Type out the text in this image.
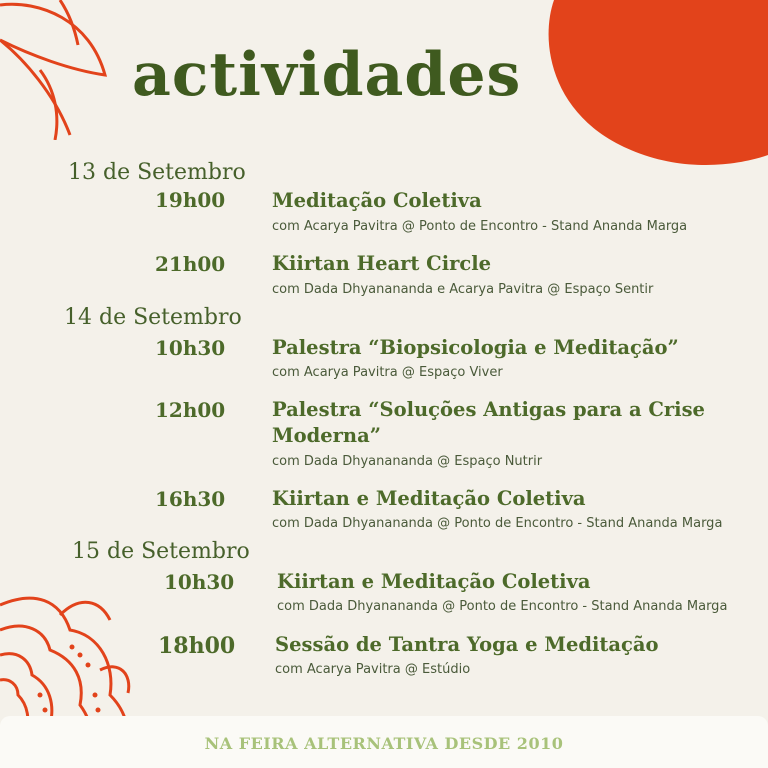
actividades
13 de Setembro
19h00 Meditação Coletiva
com Acarya Pavitra @ Ponto de Encontro - Stand Ananda Marga
21h00 Kiirtan Heart Circle
com Dada Dhyanananda e Acarya Pavitra @ Espaço Sentir
14 de Setembro
10h30 Palestra “Biopsicologia e Meditação”
com Acarya Pavitra @ Espaço Viver
12h00 Palestra “Soluções Antigas para a Crise
Moderna”
com Dada Dhyanananda @ Espaço Nutrir
16h30 Kiirtan e Meditação Coletiva
com Dada Dhyanananda @ Ponto de Encontro - Stand Ananda Marga
15 de Setembro
10h30 Kiirtan e Meditação Coletiva
com Dada Dhyanananda @ Ponto de Encontro - Stand Ananda Marga
18h00 Sessão de Tantra Yoga e Meditação
com Acarya Pavitra @ Estúdio
NA FEIRA ALTERNATIVA DESDE 2010
